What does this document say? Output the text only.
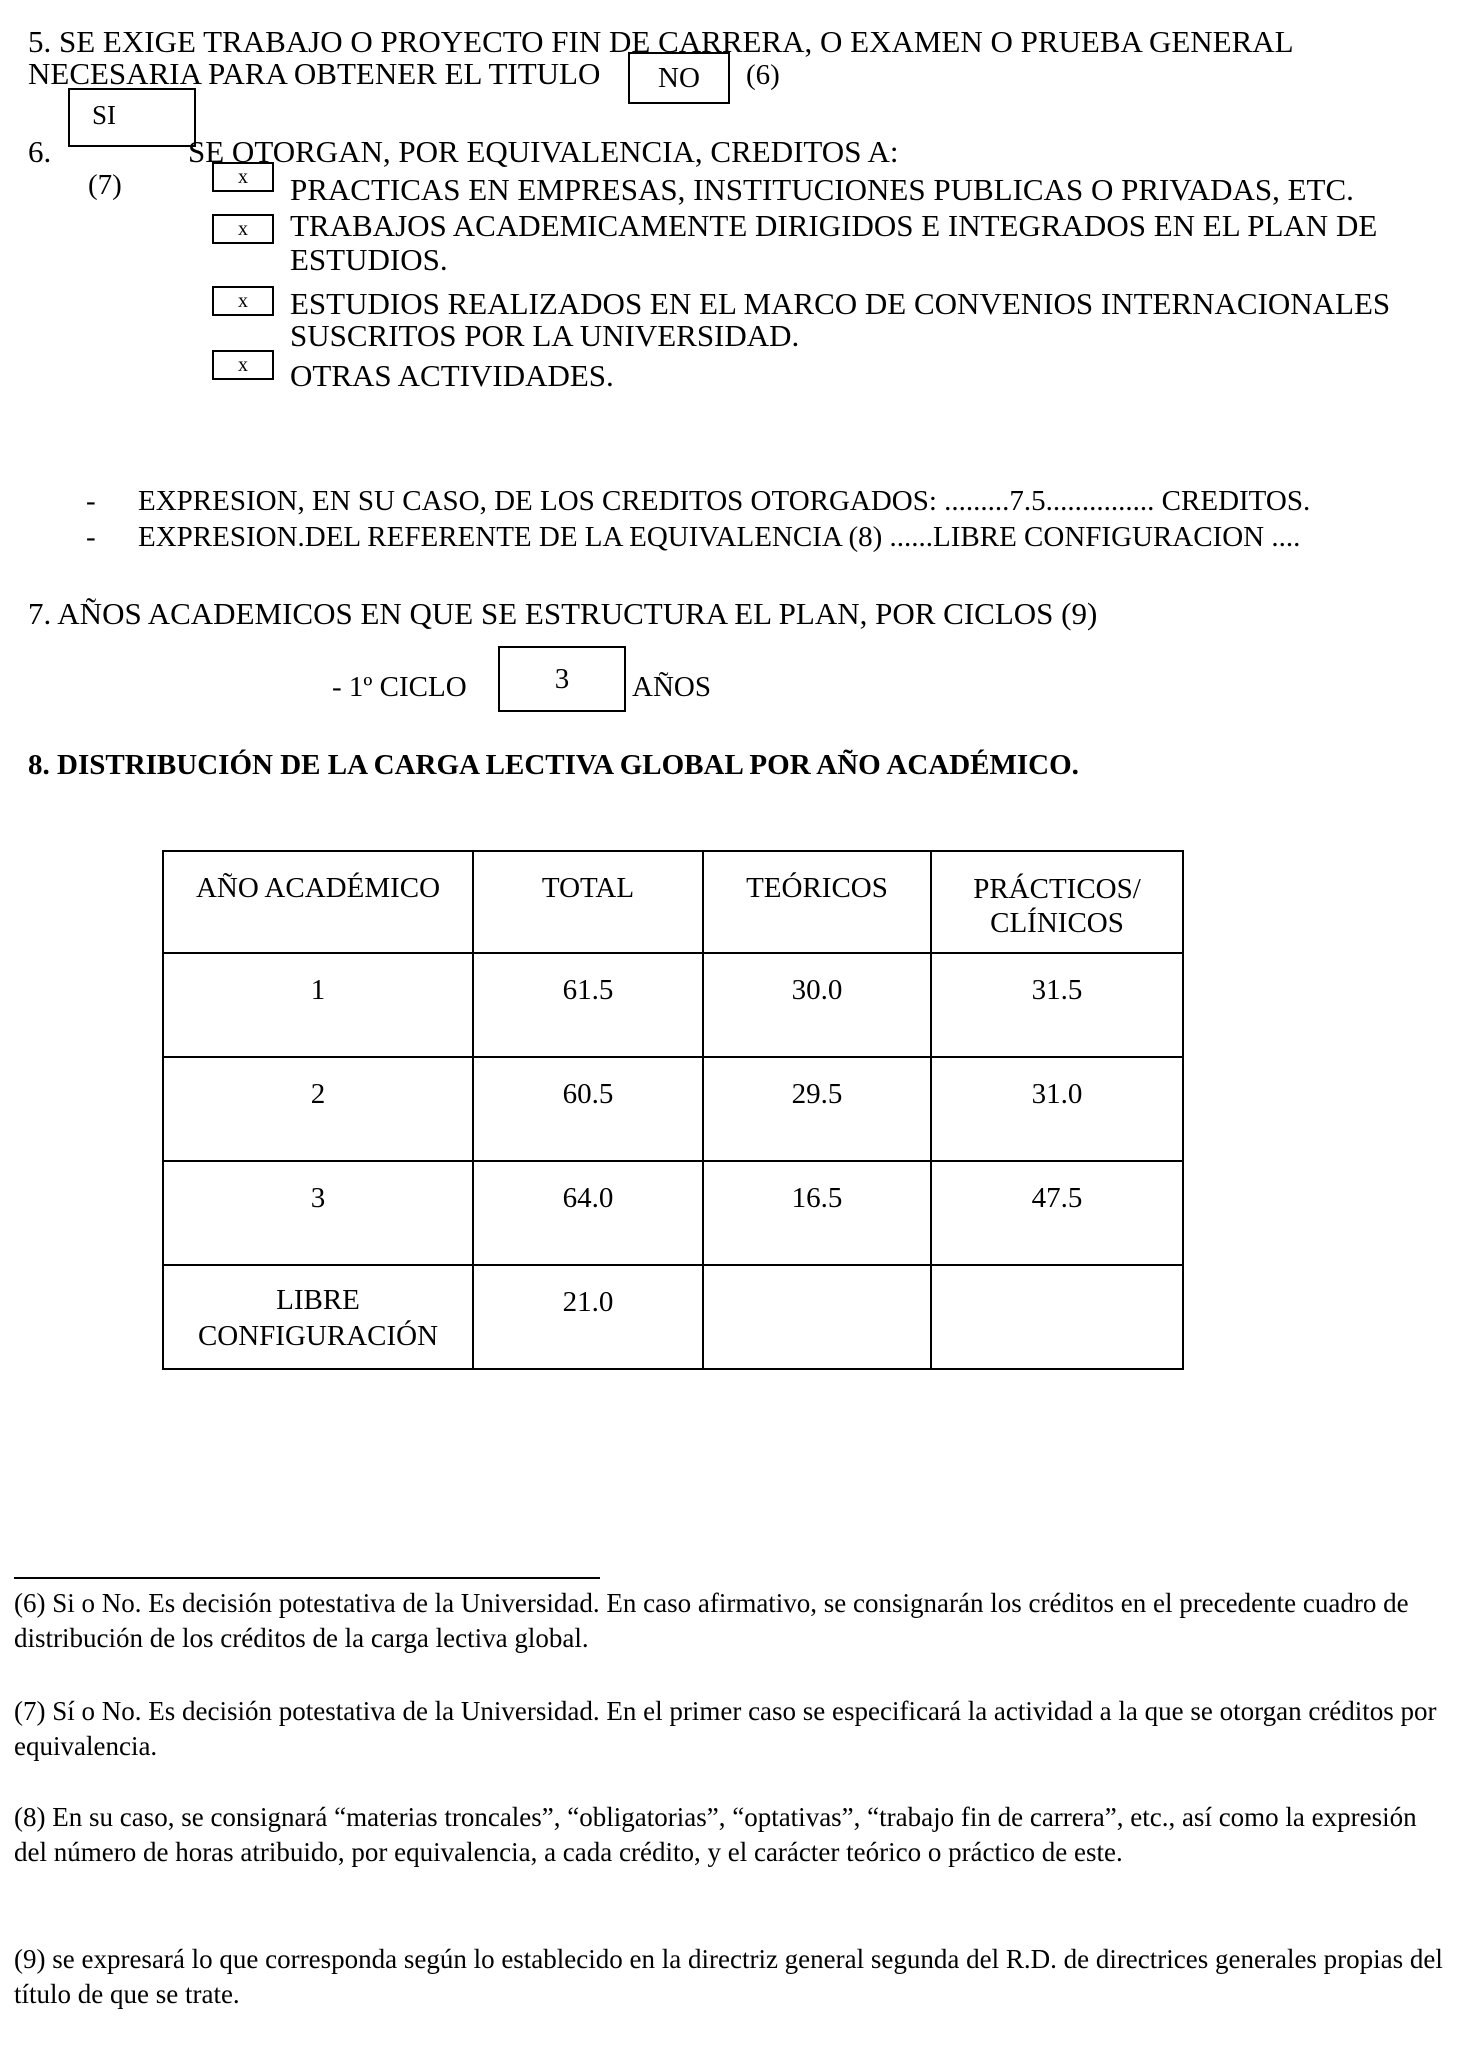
5. SE EXIGE TRABAJO O PROYECTO FIN DE CARRERA, O EXAMEN O PRUEBA GENERAL
NECESARIA PARA OBTENER EL TITULO	NO	(6)
6.
SI
(7)
SE OTORGAN, POR EQUIVALENCIA, CREDITOS A:
x	PRACTICAS EN EMPRESAS, INSTITUCIONES PUBLICAS O PRIVADAS, ETC.
x	TRABAJOS ACADEMICAMENTE DIRIGIDOS E INTEGRADOS EN EL PLAN DE
ESTUDIOS.
x	ESTUDIOS REALIZADOS EN EL MARCO DE CONVENIOS INTERNACIONALES
SUSCRITOS POR LA UNIVERSIDAD.
x	OTRAS ACTIVIDADES.
- EXPRESION, EN SU CASO, DE LOS CREDITOS OTORGADOS: .........7.5............... CREDITOS.
- EXPRESION.DEL REFERENTE DE LA EQUIVALENCIA (8) ......LIBRE CONFIGURACION ....
7. AÑOS ACADEMICOS EN QUE SE ESTRUCTURA EL PLAN, POR CICLOS (9)
- 1º CICLO	3	AÑOS
8. DISTRIBUCIÓN DE LA CARGA LECTIVA GLOBAL POR AÑO ACADÉMICO.
AÑO ACADÉMICO	TOTAL	TEÓRICOS	PRÁCTICOS/ CLÍNICOS
1	61.5	30.0	31.5
2	60.5	29.5	31.0
3	64.0	16.5	47.5
LIBRE CONFIGURACIÓN	21.0		
(6) Si o No. Es decisión potestativa de la Universidad. En caso afirmativo, se consignarán los créditos en el precedente cuadro de distribución de los créditos de la carga lectiva global.
(7) Sí o No. Es decisión potestativa de la Universidad. En el primer caso se especificará la actividad a la que se otorgan créditos por equivalencia.
(8) En su caso, se consignará “materias troncales”, “obligatorias”, “optativas”, “trabajo fin de carrera”, etc., así como la expresión del número de horas atribuido, por equivalencia, a cada crédito, y el carácter teórico o práctico de este.
(9) se expresará lo que corresponda según lo establecido en la directriz general segunda del R.D. de directrices generales propias del título de que se trate.
